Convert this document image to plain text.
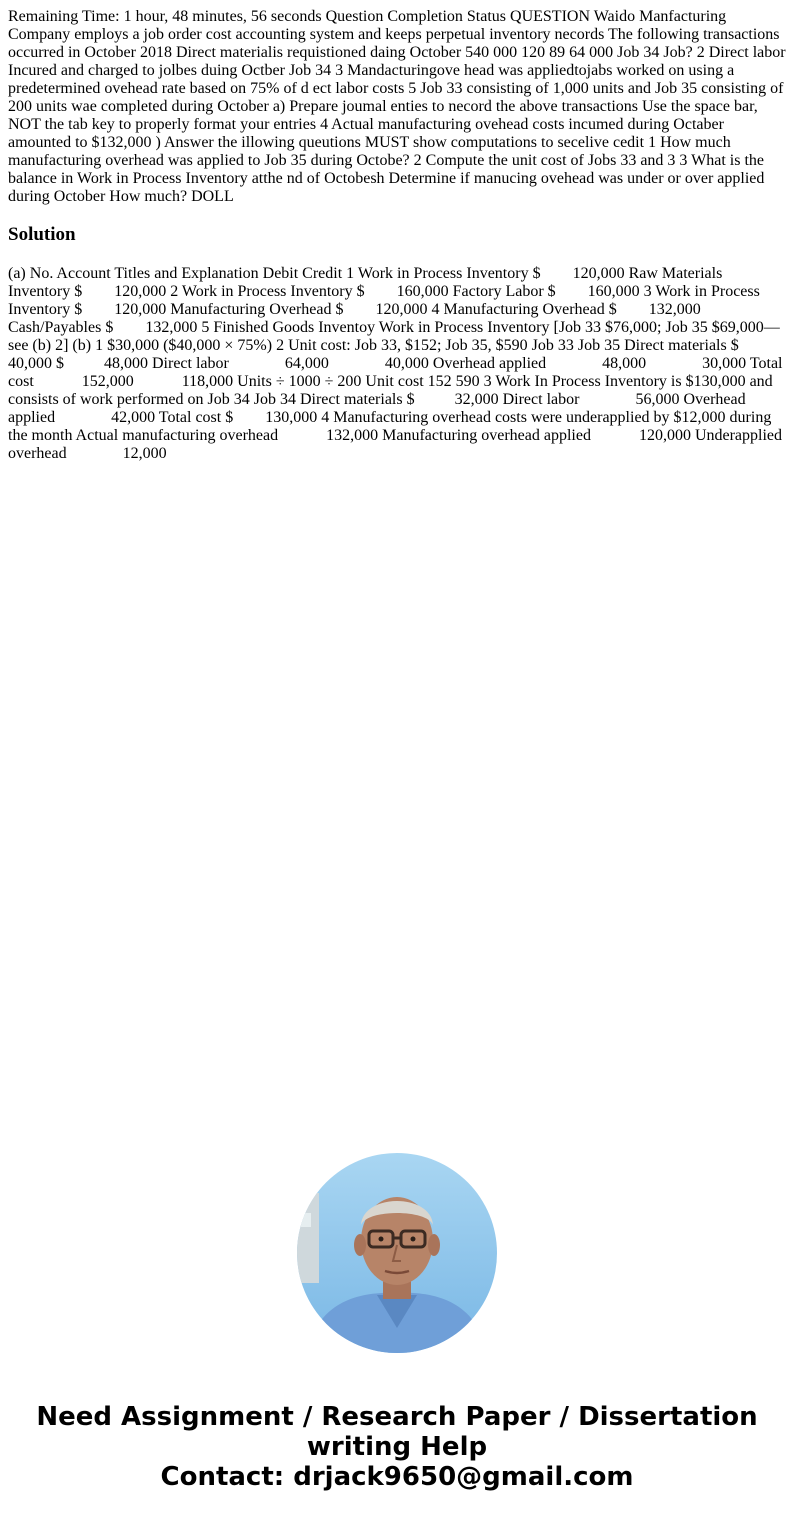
Remaining Time: 1 hour, 48 minutes, 56 seconds Question Completion Status QUESTION Waido Manfacturing Company employs a job order cost accounting system and keeps perpetual inventory necords The following transactions occurred in October 2018 Direct materialis requistioned daing October 540 000 120 89 64 000 Job 34 Job? 2 Direct labor Incured and charged to jolbes duing Octber Job 34 3 Mandacturingove head was appliedtojabs worked on using a predetermined ovehead rate based on 75% of d ect labor costs 5 Job 33 consisting of 1,000 units and Job 35 consisting of 200 units wae completed during October a) Prepare joumal enties to necord the above transactions Use the space bar, NOT the tab key to properly format your entries 4 Actual manufacturing ovehead costs incumed during Octaber amounted to $132,000 ) Answer the illowing queutions MUST show computations to secelive cedit 1 How much manufacturing overhead was applied to Job 35 during Octobe? 2 Compute the unit cost of Jobs 33 and 3 3 What is the balance in Work in Process Inventory atthe nd of Octobesh Determine if manucing ovehead was under or over applied during October How much? DOLL

Solution

(a) No. Account Titles and Explanation Debit Credit 1 Work in Process Inventory $        120,000 Raw Materials Inventory $        120,000 2 Work in Process Inventory $        160,000 Factory Labor $        160,000 3 Work in Process Inventory $        120,000 Manufacturing Overhead $        120,000 4 Manufacturing Overhead $        132,000 Cash/Payables $        132,000 5 Finished Goods Inventoy Work in Process Inventory [Job 33 $76,000; Job 35 $69,000—see (b) 2] (b) 1 $30,000 ($40,000 × 75%) 2 Unit cost: Job 33, $152; Job 35, $590 Job 33 Job 35 Direct materials $          40,000 $          48,000 Direct labor              64,000              40,000 Overhead applied              48,000              30,000 Total cost            152,000            118,000 Units ÷ 1000 ÷ 200 Unit cost 152 590 3 Work In Process Inventory is $130,000 and consists of work performed on Job 34 Job 34 Direct materials $          32,000 Direct labor              56,000 Overhead applied              42,000 Total cost $        130,000 4 Manufacturing overhead costs were underapplied by $12,000 during the month Actual manufacturing overhead            132,000 Manufacturing overhead applied            120,000 Underapplied overhead              12,000

Need Assignment / Research Paper / Dissertation
writing Help
Contact: drjack9650@gmail.com
